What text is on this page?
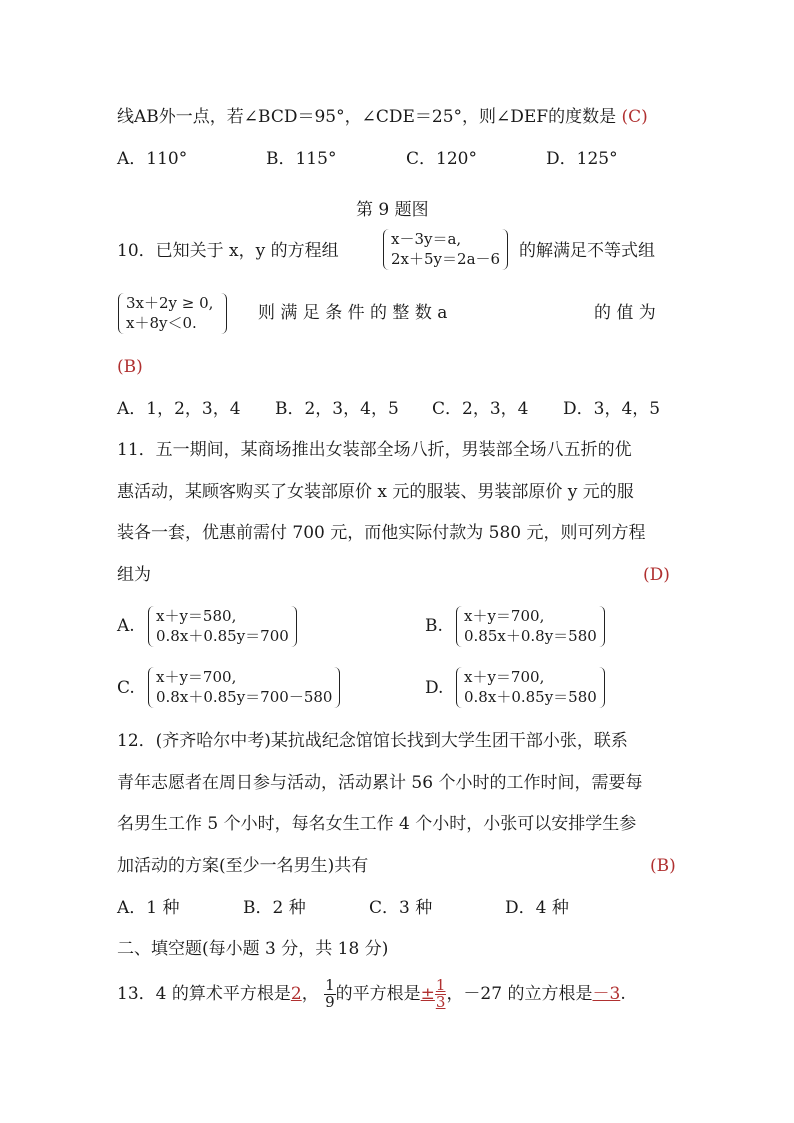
线AB外一点，若∠BCD＝95°，∠CDE＝25°，则∠DEF的度数是 (C)
A．110°	B．115°	C．120°	D．125°
第 9 题图
10．已知关于 x，y 的方程组
x－3y＝a,
2x＋5y＝2a－6 的解满足不等式组
3x＋2y ≥ 0,
x＋8y＜0.
则 满 足 条 件 的 整 数 a	的 值 为
(B)
A．1，2，3，4 B．2，3，4，5 C．2，3，4 D．3，4，5
11．五一期间，某商场推出女装部全场八折，男装部全场八五折的优
惠活动，某顾客购买了女装部原价 x 元的服装、男装部原价 y 元的服
装各一套，优惠前需付 700 元，而他实际付款为 580 元，则可列方程
组为	(D)
A. x＋y＝580,
0.8x＋0.85y＝700
B. x＋y＝700,
0.85x＋0.8y＝580
C.
x＋y＝700,
0.8x＋0.85y＝700－580	D.
x＋y＝700,
0.8x＋0.85y＝580
12．(齐齐哈尔中考)某抗战纪念馆馆长找到大学生团干部小张，联系
青年志愿者在周日参与活动，活动累计 56 个小时的工作时间，需要每
名男生工作 5 个小时，每名女生工作 4 个小时，小张可以安排学生参
加活动的方案(至少一名男生)共有	(B)
A．1 种	B．2 种	C．3 种	D．4 种
二、填空题(每小题 3 分，共 18 分)
13．4 的算术平方根是2， $\frac{1}{9}$ 的平方根是± $\frac{1}{3}$ ，－27 的立方根是－3.
